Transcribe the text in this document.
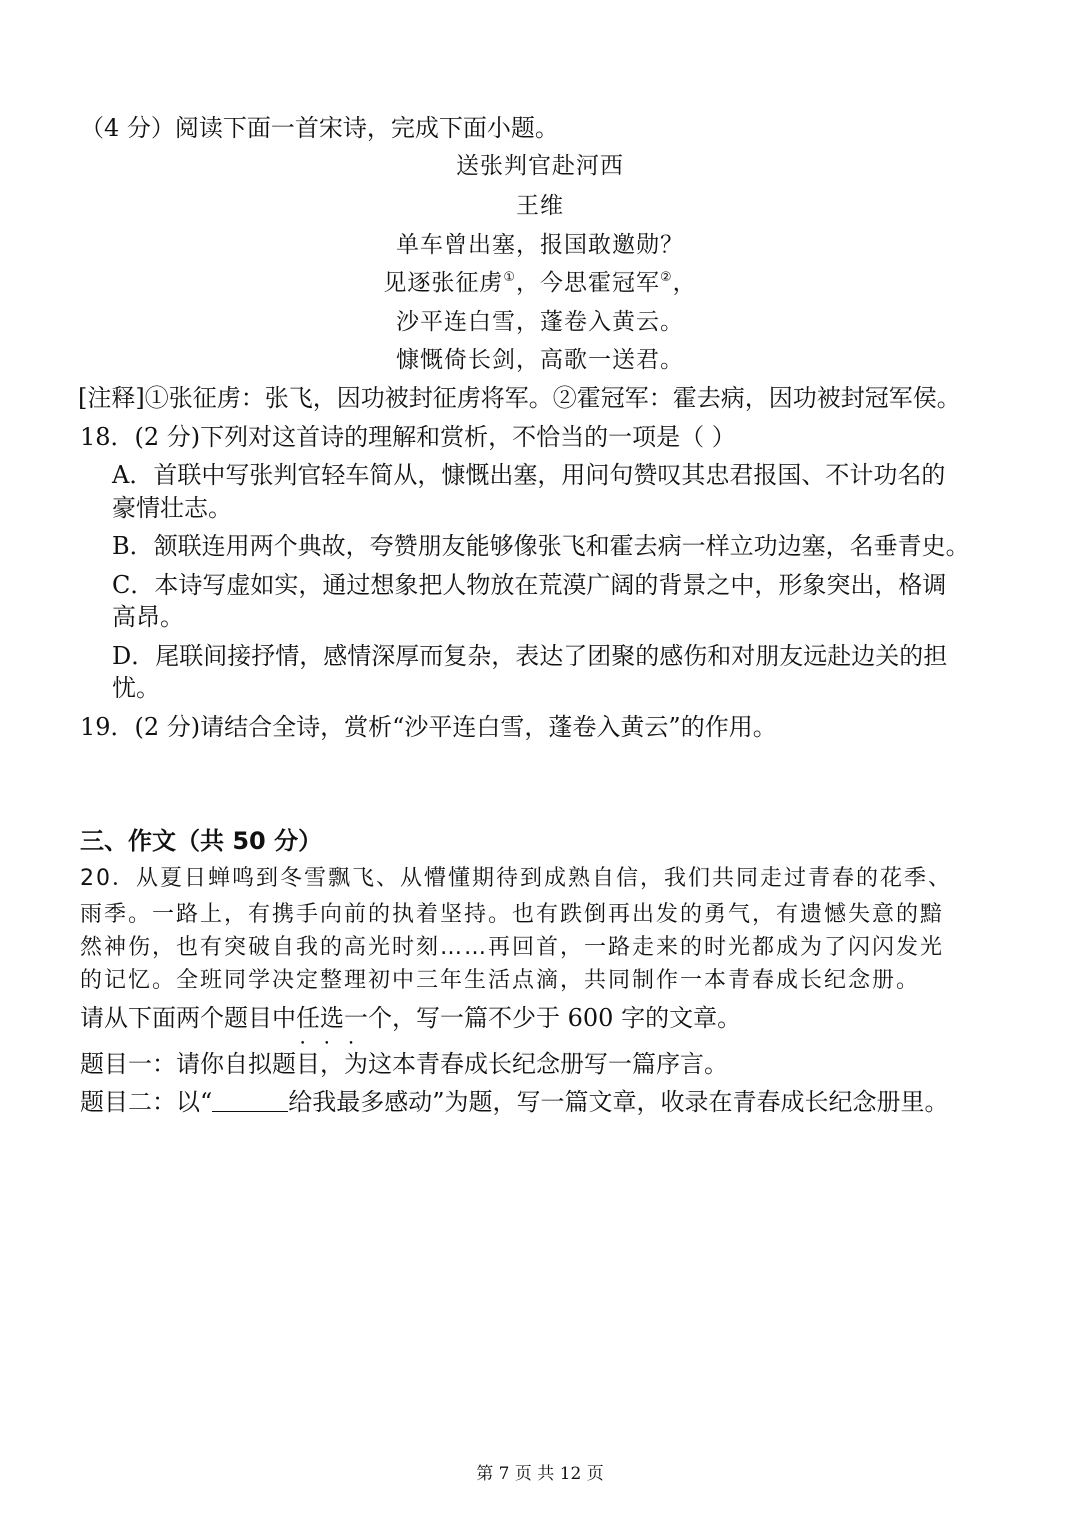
（4 分）阅读下面一首宋诗，完成下面小题。
送张判官赴河西
王维
单车曾出塞，报国敢邀勋？
见逐张征虏①，今思霍冠军②，
沙平连白雪，蓬卷入黄云。
慷慨倚长剑，高歌一送君。
[注释]①张征虏：张飞，因功被封征虏将军。②霍冠军：霍去病，因功被封冠军侯。
18．(2 分)下列对这首诗的理解和赏析，不恰当的一项是（ ）
A．首联中写张判官轻车简从，慷慨出塞，用问句赞叹其忠君报国、不计功名的
豪情壮志。
B．颔联连用两个典故，夸赞朋友能够像张飞和霍去病一样立功边塞，名垂青史。
C．本诗写虚如实，通过想象把人物放在荒漠广阔的背景之中，形象突出，格调
高昂。
D．尾联间接抒情，感情深厚而复杂，表达了团聚的感伤和对朋友远赴边关的担
忧。
19．(2 分)请结合全诗，赏析“沙平连白雪，蓬卷入黄云”的作用。
三、作文（共 50 分）
20．从夏日蝉鸣到冬雪飘飞、从懵懂期待到成熟自信，我们共同走过青春的花季、
雨季。一路上，有携手向前的执着坚持。也有跌倒再出发的勇气，有遗憾失意的黯
然神伤，也有突破自我的高光时刻……再回首，一路走来的时光都成为了闪闪发光
的记忆。全班同学决定整理初中三年生活点滴，共同制作一本青春成长纪念册。
请从下面两个题目中任选一个 • • •，写一篇不少于 600 字的文章。
题目一：请你自拟题目，为这本青春成长纪念册写一篇序言。
题目二：以“	给我最多感动”为题，写一篇文章，收录在青春成长纪念册里。
第 7 页 共 12 页
